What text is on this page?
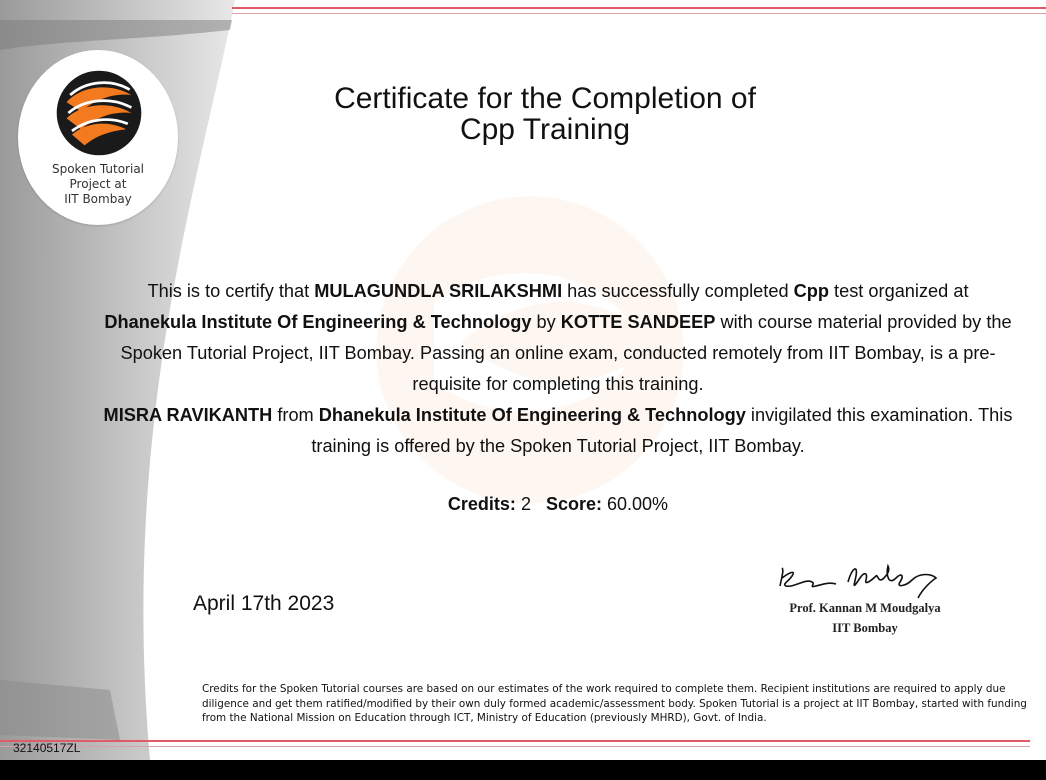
Spoken Tutorial
Project at
IIT Bombay
Certificate for the Completion of
Cpp Training
This is to certify that MULAGUNDLA SRILAKSHMI has successfully completed Cpp test organized at Dhanekula Institute Of Engineering & Technology by KOTTE SANDEEP with course material provided by the Spoken Tutorial Project, IIT Bombay. Passing an online exam, conducted remotely from IIT Bombay, is a pre-requisite for completing this training.
MISRA RAVIKANTH from Dhanekula Institute Of Engineering & Technology invigilated this examination. This training is offered by the Spoken Tutorial Project, IIT Bombay.
Credits: 2 Score: 60.00%
April 17th 2023	Prof. Kannan M Moudgalya
IIT Bombay
Credits for the Spoken Tutorial courses are based on our estimates of the work required to complete them. Recipient institutions are required to apply due diligence and get them ratified/modified by their own duly formed academic/assessment body. Spoken Tutorial is a project at IIT Bombay, started with funding from the National Mission on Education through ICT, Ministry of Education (previously MHRD), Govt. of India.
32140517ZL
